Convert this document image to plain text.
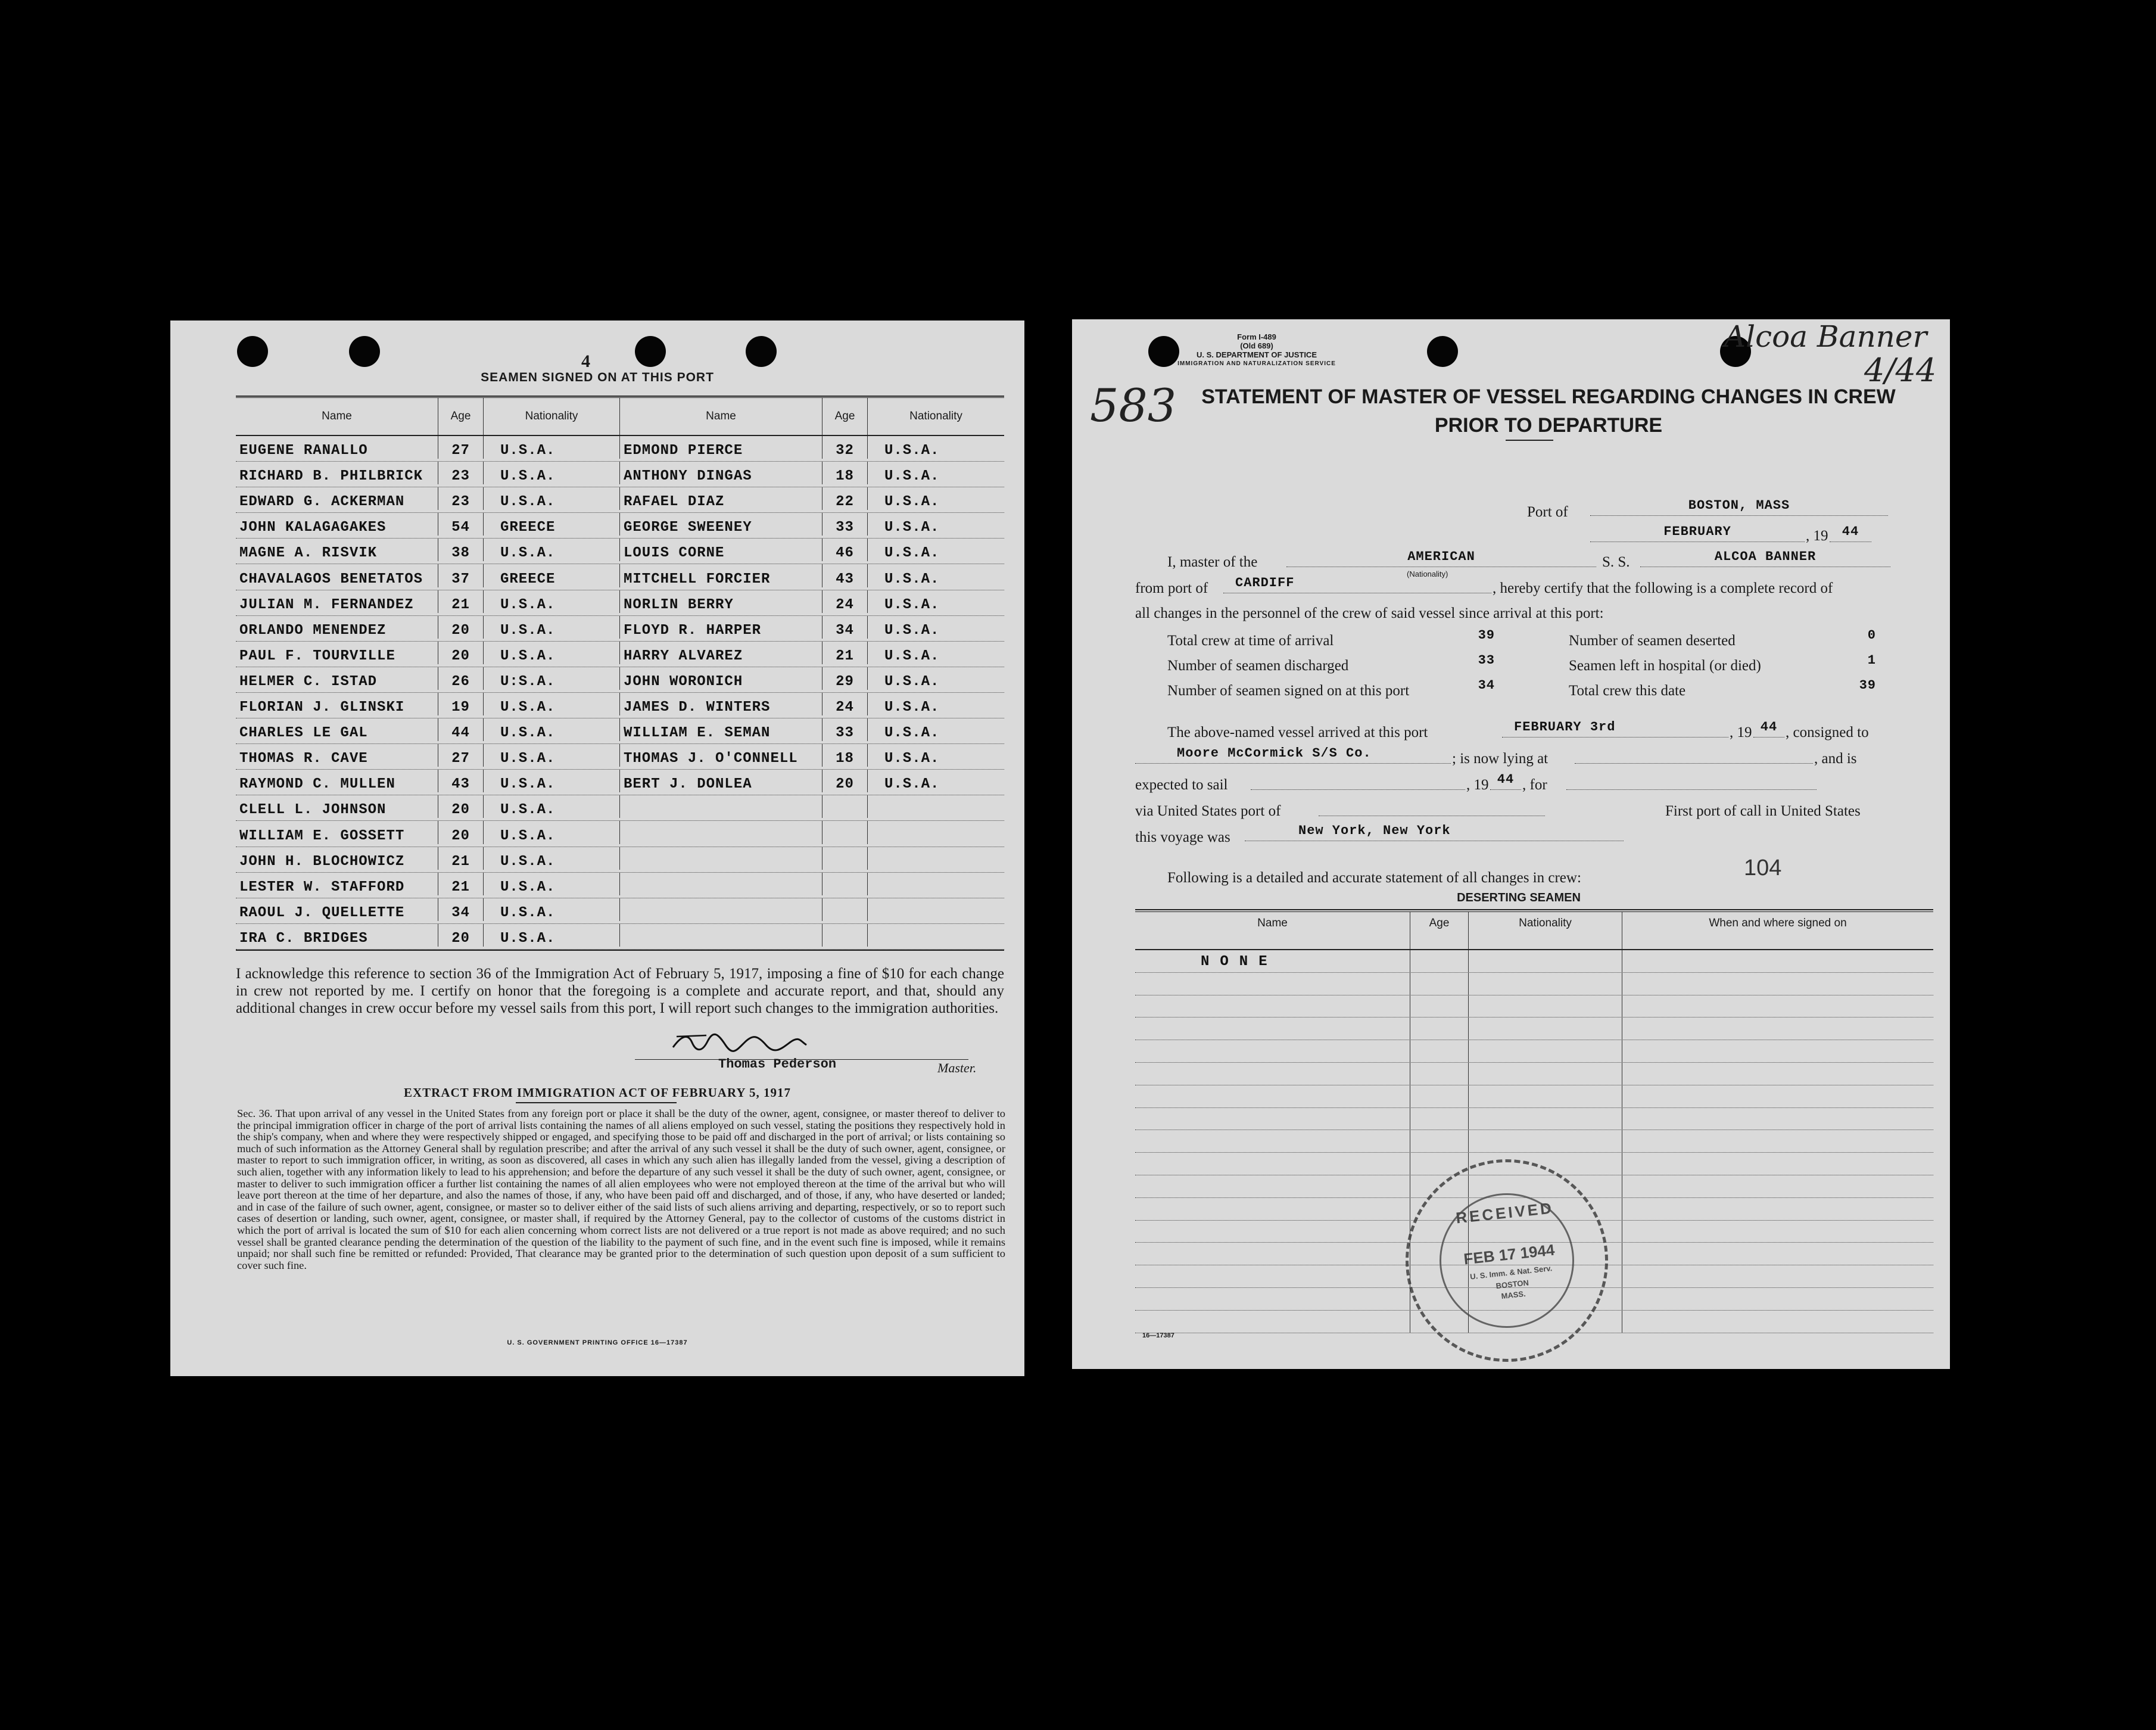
4
SEAMEN SIGNED ON AT THIS PORT
Name	Age	Nationality	Name	Age	Nationality
EUGENE RANALLO	27	U.S.A.	EDMOND PIERCE	32	U.S.A.
RICHARD B. PHILBRICK	23	U.S.A.	ANTHONY DINGAS	18	U.S.A.
EDWARD G. ACKERMAN	23	U.S.A.	RAFAEL DIAZ	22	U.S.A.
JOHN KALAGAGAKES	54	GREECE	GEORGE SWEENEY	33	U.S.A.
MAGNE A. RISVIK	38	U.S.A.	LOUIS CORNE	46	U.S.A.
CHAVALAGOS BENETATOS	37	GREECE	MITCHELL FORCIER	43	U.S.A.
JULIAN M. FERNANDEZ	21	U.S.A.	NORLIN BERRY	24	U.S.A.
ORLANDO MENENDEZ	20	U.S.A.	FLOYD R. HARPER	34	U.S.A.
PAUL F. TOURVILLE	20	U.S.A.	HARRY ALVAREZ	21	U.S.A.
HELMER C. ISTAD	26	U:S.A.	JOHN WORONICH	29	U.S.A.
FLORIAN J. GLINSKI	19	U.S.A.	JAMES D. WINTERS	24	U.S.A.
CHARLES LE GAL	44	U.S.A.	WILLIAM E. SEMAN	33	U.S.A.
THOMAS R. CAVE	27	U.S.A.	THOMAS J. O'CONNELL	18	U.S.A.
RAYMOND C. MULLEN	43	U.S.A.	BERT J. DONLEA	20	U.S.A.
CLELL L. JOHNSON	20	U.S.A.
WILLIAM E. GOSSETT	20	U.S.A.
JOHN H. BLOCHOWICZ	21	U.S.A.
LESTER W. STAFFORD	21	U.S.A.
RAOUL J. QUELLETTE	34	U.S.A.
IRA C. BRIDGES	20	U.S.A.
I acknowledge this reference to section 36 of the Immigration Act of February 5, 1917, imposing a fine of $10 for each change in crew not reported by me. I certify on honor that the foregoing is a complete and accurate report, and that, should any additional changes in crew occur before my vessel sails from this port, I will report such changes to the immigration authorities.
Thomas Pederson	Master.
EXTRACT FROM IMMIGRATION ACT OF FEBRUARY 5, 1917
Sec. 36. That upon arrival of any vessel in the United States from any foreign port or place it shall be the duty of the owner, agent, consignee, or master thereof to deliver to the principal immigration officer in charge of the port of arrival lists containing the names of all aliens employed on such vessel, stating the positions they respectively hold in the ship's company, when and where they were respectively shipped or engaged, and specifying those to be paid off and discharged in the port of arrival; or lists containing so much of such information as the Attorney General shall by regulation prescribe; and after the arrival of any such vessel it shall be the duty of such owner, agent, consignee, or master to report to such immigration officer, in writing, as soon as discovered, all cases in which any such alien has illegally landed from the vessel, giving a description of such alien, together with any information likely to lead to his apprehension; and before the departure of any such vessel it shall be the duty of such owner, agent, consignee, or master to deliver to such immigration officer a further list containing the names of all alien employees who were not employed thereon at the time of the arrival but who will leave port thereon at the time of her departure, and also the names of those, if any, who have been paid off and discharged, and of those, if any, who have deserted or landed; and in case of the failure of such owner, agent, consignee, or master so to deliver either of the said lists of such aliens arriving and departing, respectively, or so to report such cases of desertion or landing, such owner, agent, consignee, or master shall, if required by the Attorney General, pay to the collector of customs of the customs district in which the port of arrival is located the sum of $10 for each alien concerning whom correct lists are not delivered or a true report is not made as above required; and no such vessel shall be granted clearance pending the determination of the question of the liability to the payment of such fine, and in the event such fine is imposed, while it remains unpaid; nor shall such fine be remitted or refunded: Provided, That clearance may be granted prior to the determination of such question upon deposit of a sum sufficient to cover such fine.
U. S. GOVERNMENT PRINTING OFFICE 16—17387
Form I-489
(Old 689)
U. S. DEPARTMENT OF JUSTICE
IMMIGRATION AND NATURALIZATION SERVICE
583
Alcoa Banner
4/44
STATEMENT OF MASTER OF VESSEL REGARDING CHANGES IN CREW
PRIOR TO DEPARTURE
Port of	BOSTON, MASS
FEBRUARY	, 19	44
I, master of the	AMERICAN
(Nationality)
S. S.	ALCOA BANNER
from port of	CARDIFF	, hereby certify that the following is a complete record of
all changes in the personnel of the crew of said vessel since arrival at this port:
Total crew at time of arrival	39	Number of seamen deserted	0
Number of seamen discharged	33	Seamen left in hospital (or died)	1
Number of seamen signed on at this port	34	Total crew this date	39
The above-named vessel arrived at this port	FEBRUARY 3rd	, 19 44 , consigned to
Moore McCormick S/S Co.	; is now lying at	, and is
expected to sail	, 19 44 , for
via United States port of	First port of call in United States
this voyage was	New York, New York
Following is a detailed and accurate statement of all changes in crew:	104
DESERTING SEAMEN
Name	Age	Nationality	When and where signed on
NONE
RECEIVED
FEB 17 1944
U. S. Imm. & Nat. Serv.
BOSTON
MASS.
16—17387
